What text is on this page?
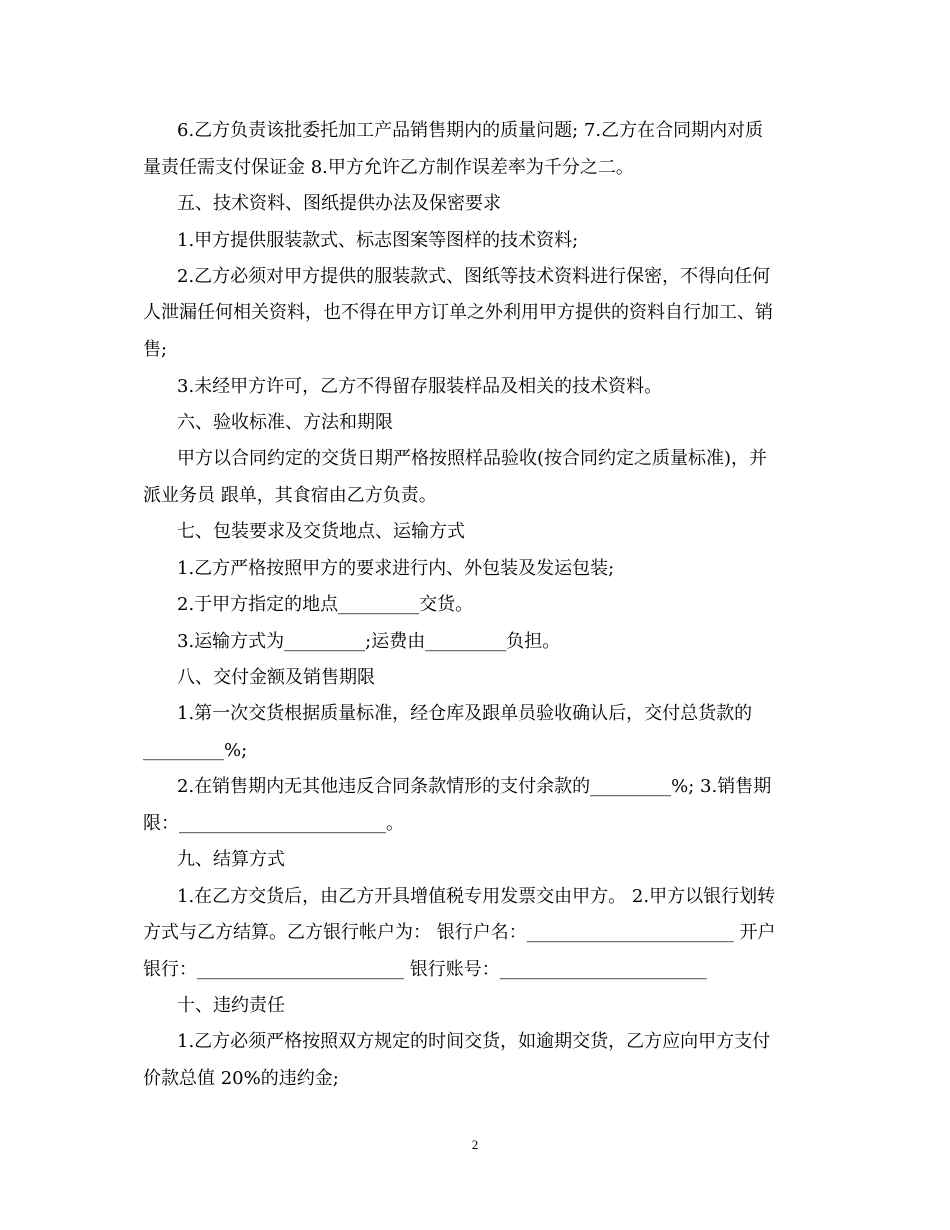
6.乙方负责该批委托加工产品销售期内的质量问题; 7.乙方在合同期内对质
量责任需支付保证金 8.甲方允许乙方制作误差率为千分之二。
五、技术资料、图纸提供办法及保密要求
1.甲方提供服装款式、标志图案等图样的技术资料;
2.乙方必须对甲方提供的服装款式、图纸等技术资料进行保密，不得向任何
人泄漏任何相关资料，也不得在甲方订单之外利用甲方提供的资料自行加工、销
售;
3.未经甲方许可，乙方不得留存服装样品及相关的技术资料。
六、验收标准、方法和期限
甲方以合同约定的交货日期严格按照样品验收(按合同约定之质量标准)，并
派业务员 跟单，其食宿由乙方负责。
七、包装要求及交货地点、运输方式
1.乙方严格按照甲方的要求进行内、外包装及发运包装;
2.于甲方指定的地点_________交货。
3.运输方式为_________;运费由_________负担。
八、交付金额及销售期限
1.第一次交货根据质量标准，经仓库及跟单员验收确认后，交付总货款的
_________%;
2.在销售期内无其他违反合同条款情形的支付余款的_________%; 3.销售期
限：_______________________。
九、结算方式
1.在乙方交货后，由乙方开具增值税专用发票交由甲方。 2.甲方以银行划转
方式与乙方结算。乙方银行帐户为： 银行户名：_______________________ 开户
银行：_______________________ 银行账号：_______________________
十、违约责任
1.乙方必须严格按照双方规定的时间交货，如逾期交货，乙方应向甲方支付
价款总值 20%的违约金;
2
